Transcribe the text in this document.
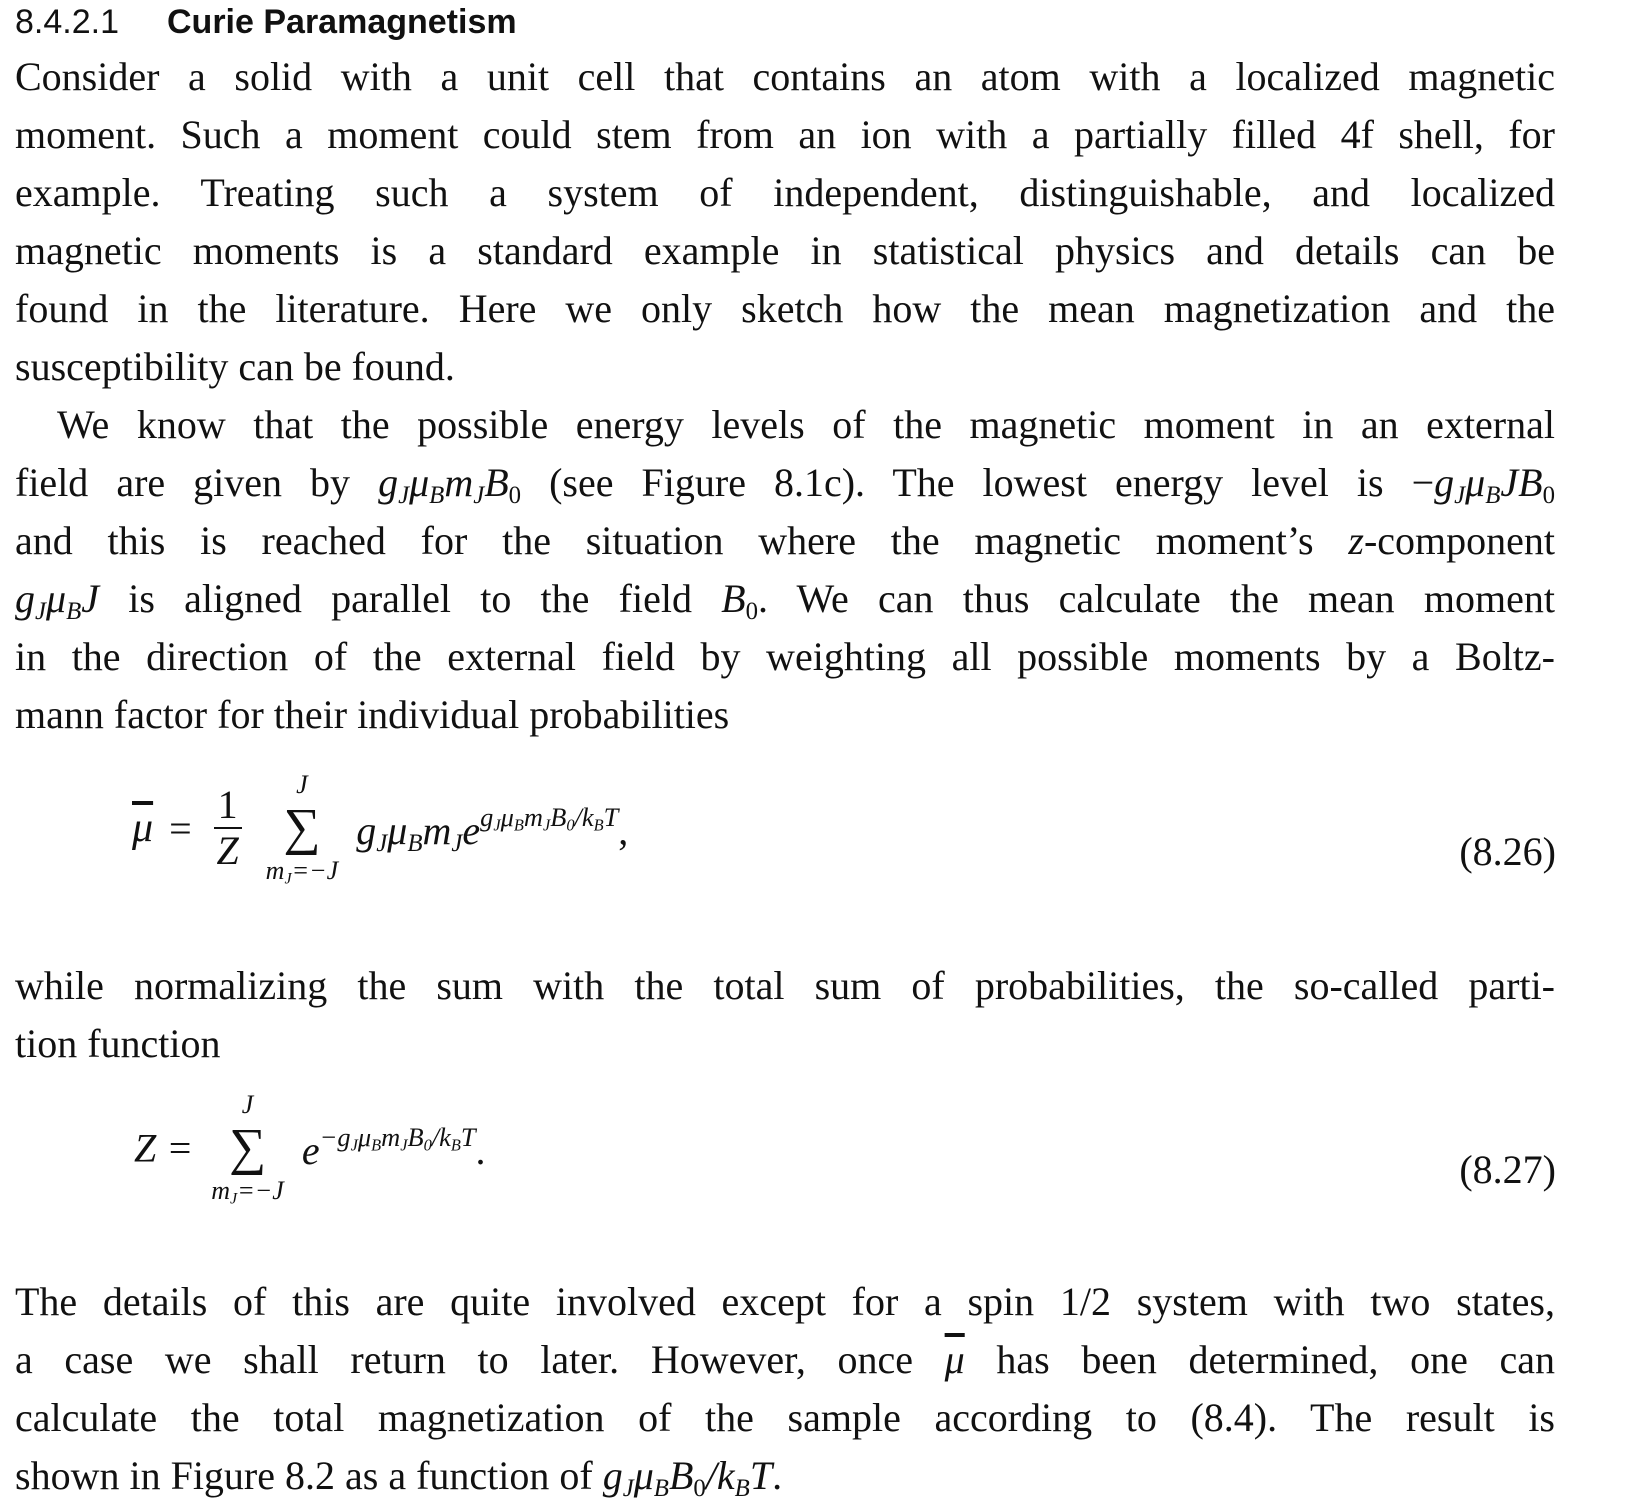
8.4.2.1 Curie Paramagnetism
Consider a solid with a unit cell that contains an atom with a localized magnetic
moment. Such a moment could stem from an ion with a partially filled 4f shell, for
example. Treating such a system of independent, distinguishable, and localized
magnetic moments is a standard example in statistical physics and details can be
found in the literature. Here we only sketch how the mean magnetization and the
susceptibility can be found.
We know that the possible energy levels of the magnetic moment in an external
field are given by $g_J\mu_Bm_JB_0$ (see Figure 8.1c). The lowest energy level is $-g_J\mu_BJB_0$
and this is reached for the situation where the magnetic moment’s z-component
$g_J\mu_BJ$ is aligned parallel to the field $B_0$. We can thus calculate the mean moment
in the direction of the external field by weighting all possible moments by a Boltz-
mann factor for their individual probabilities
$\overline{\mu} = \frac{1}{Z}$
	J
∑
$m_J=-J$
$g_J\mu_Bm_Je^{g_J\mu_Bm_JB_0/k_BT}$,	(8.26)
while normalizing the sum with the total sum of probabilities, the so-called parti-
tion function
Z =
J
∑
$m_J=-J$
$e^{-g_J\mu_Bm_JB_0/k_BT}$.	(8.27)
The details of this are quite involved except for a spin 1/2 system with two states,
a case we shall return to later. However, once $\overline{\mu}$ has been determined, one can
calculate the total magnetization of the sample according to (8.4). The result is
shown in Figure 8.2 as a function of $g_J\mu_BB_0/k_BT$.
